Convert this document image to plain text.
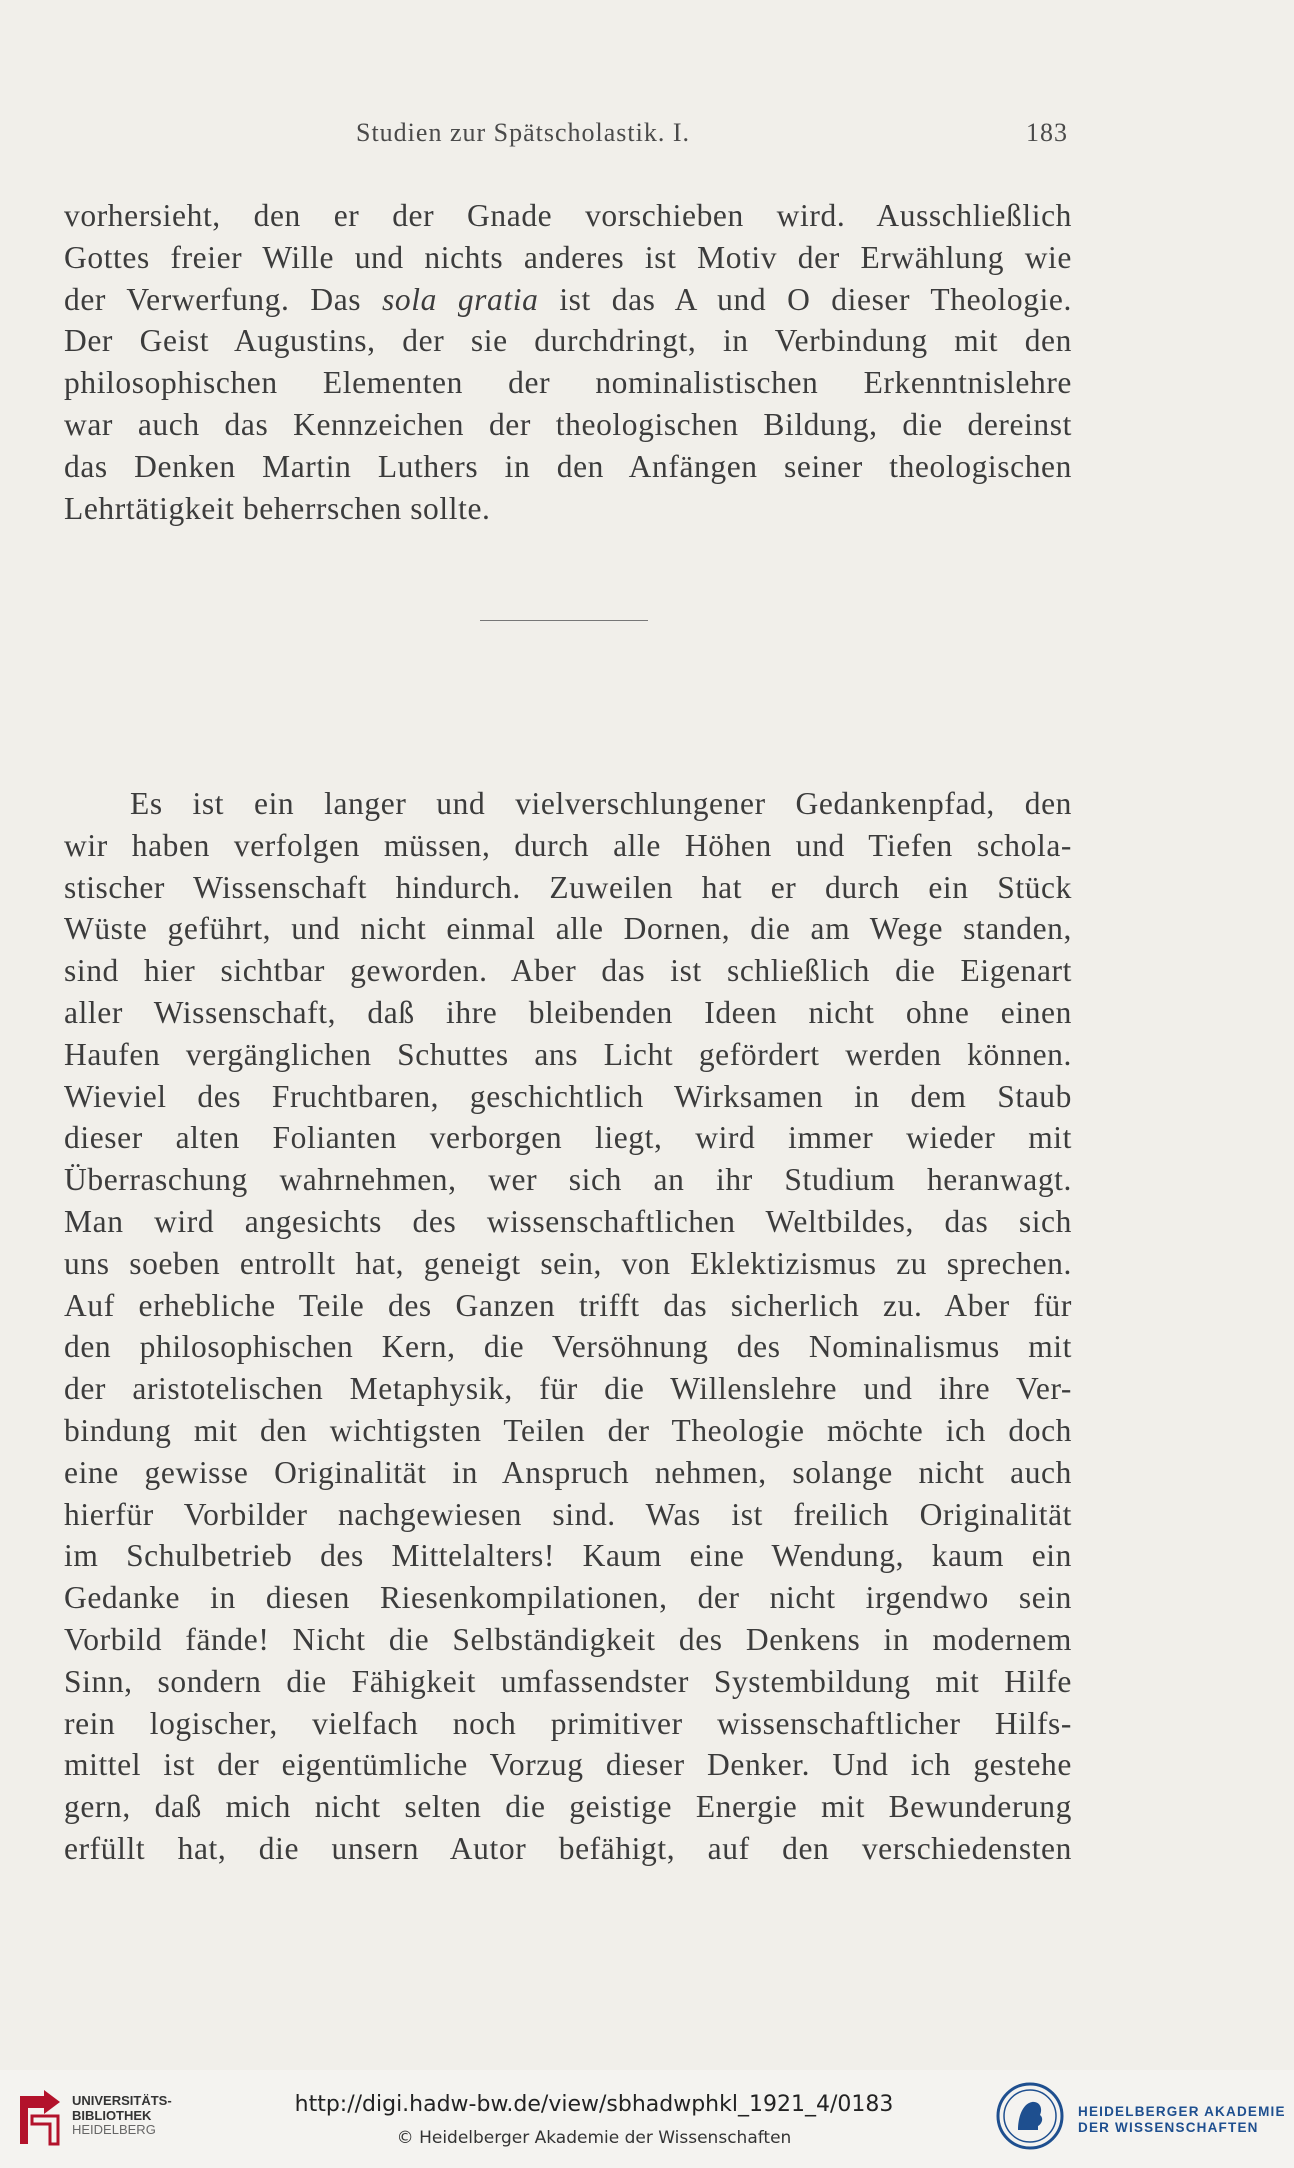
Studien zur Spätscholastik. I.	183
vorhersieht, den er der Gnade vorschieben wird. Ausschließlich
Gottes freier Wille und nichts anderes ist Motiv der Erwählung wie
der Verwerfung. Das sola gratia ist das A und O dieser Theologie.
Der Geist Augustins, der sie durchdringt, in Verbindung mit den
philosophischen Elementen der nominalistischen Erkenntnislehre
war auch das Kennzeichen der theologischen Bildung, die dereinst
das Denken Martin Luthers in den Anfängen seiner theologischen
Lehrtätigkeit beherrschen sollte.
Es ist ein langer und vielverschlungener Gedankenpfad, den
wir haben verfolgen müssen, durch alle Höhen und Tiefen schola-
stischer Wissenschaft hindurch. Zuweilen hat er durch ein Stück
Wüste geführt, und nicht einmal alle Dornen, die am Wege standen,
sind hier sichtbar geworden. Aber das ist schließlich die Eigenart
aller Wissenschaft, daß ihre bleibenden Ideen nicht ohne einen
Haufen vergänglichen Schuttes ans Licht gefördert werden können.
Wieviel des Fruchtbaren, geschichtlich Wirksamen in dem Staub
dieser alten Folianten verborgen liegt, wird immer wieder mit
Überraschung wahrnehmen, wer sich an ihr Studium heranwagt.
Man wird angesichts des wissenschaftlichen Weltbildes, das sich
uns soeben entrollt hat, geneigt sein, von Eklektizismus zu sprechen.
Auf erhebliche Teile des Ganzen trifft das sicherlich zu. Aber für
den philosophischen Kern, die Versöhnung des Nominalismus mit
der aristotelischen Metaphysik, für die Willenslehre und ihre Ver-
bindung mit den wichtigsten Teilen der Theologie möchte ich doch
eine gewisse Originalität in Anspruch nehmen, solange nicht auch
hierfür Vorbilder nachgewiesen sind. Was ist freilich Originalität
im Schulbetrieb des Mittelalters! Kaum eine Wendung, kaum ein
Gedanke in diesen Riesenkompilationen, der nicht irgendwo sein
Vorbild fände! Nicht die Selbständigkeit des Denkens in modernem
Sinn, sondern die Fähigkeit umfassendster Systembildung mit Hilfe
rein logischer, vielfach noch primitiver wissenschaftlicher Hilfs-
mittel ist der eigentümliche Vorzug dieser Denker. Und ich gestehe
gern, daß mich nicht selten die geistige Energie mit Bewunderung
erfüllt hat, die unsern Autor befähigt, auf den verschiedensten
UNIVERSITÄTS-
BIBLIOTHEK
HEIDELBERG
http://digi.hadw-bw.de/view/sbhadwphkl_1921_4/0183
© Heidelberger Akademie der Wissenschaften
HEIDELBERGER AKADEMIE
DER WISSENSCHAFTEN
